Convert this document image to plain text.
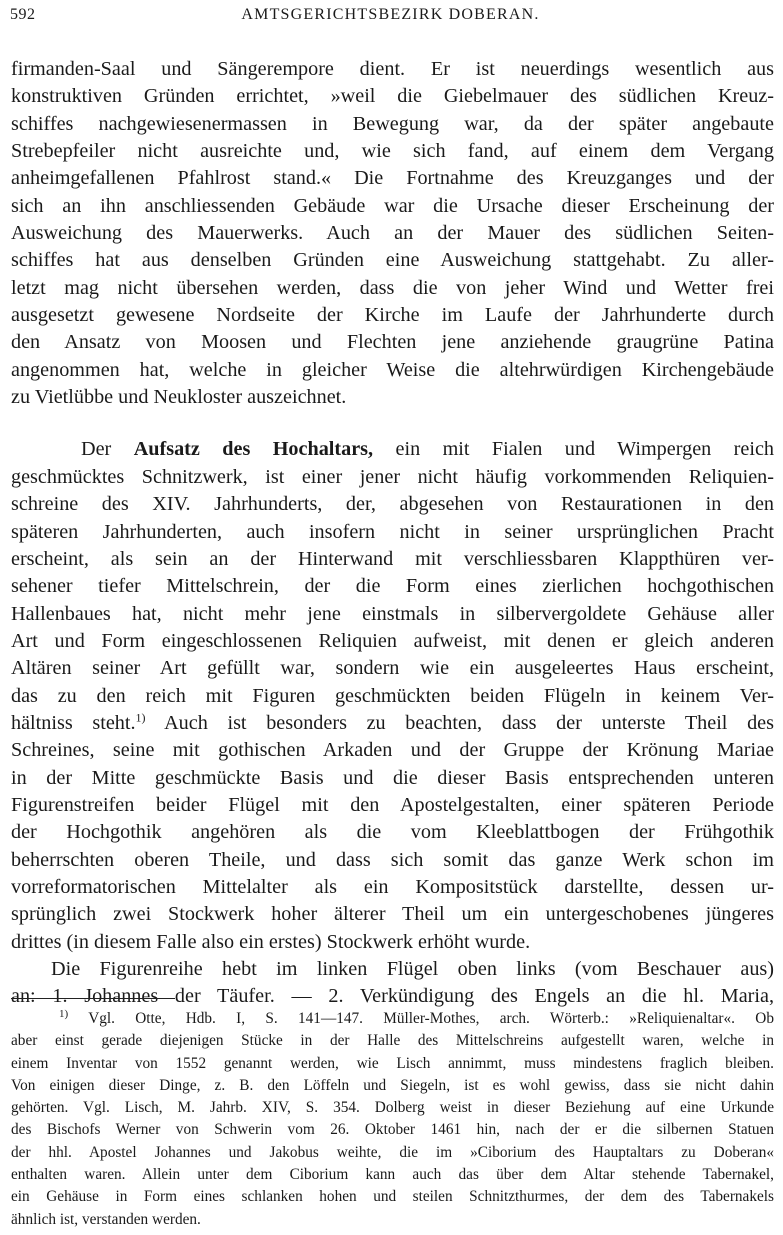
592	AMTSGERICHTSBEZIRK DOBERAN.
firmanden-Saal und Sängerempore dient. Er ist neuerdings wesentlich aus
konstruktiven Gründen errichtet, »weil die Giebelmauer des südlichen Kreuz-
schiffes nachgewiesenermassen in Bewegung war, da der später angebaute
Strebepfeiler nicht ausreichte und, wie sich fand, auf einem dem Vergang
anheimgefallenen Pfahlrost stand.« Die Fortnahme des Kreuzganges und der
sich an ihn anschliessenden Gebäude war die Ursache dieser Erscheinung der
Ausweichung des Mauerwerks. Auch an der Mauer des südlichen Seiten-
schiffes hat aus denselben Gründen eine Ausweichung stattgehabt. Zu aller-
letzt mag nicht übersehen werden, dass die von jeher Wind und Wetter frei
ausgesetzt gewesene Nordseite der Kirche im Laufe der Jahrhunderte durch
den Ansatz von Moosen und Flechten jene anziehende graugrüne Patina
angenommen hat, welche in gleicher Weise die altehrwürdigen Kirchengebäude
zu Vietlübbe und Neukloster auszeichnet.
Der Aufsatz des Hochaltars, ein mit Fialen und Wimpergen reich
geschmücktes Schnitzwerk, ist einer jener nicht häufig vorkommenden Reliquien-
schreine des XIV. Jahrhunderts, der, abgesehen von Restaurationen in den
späteren Jahrhunderten, auch insofern nicht in seiner ursprünglichen Pracht
erscheint, als sein an der Hinterwand mit verschliessbaren Klappthüren ver-
sehener tiefer Mittelschrein, der die Form eines zierlichen hochgothischen
Hallenbaues hat, nicht mehr jene einstmals in silbervergoldete Gehäuse aller
Art und Form eingeschlossenen Reliquien aufweist, mit denen er gleich anderen
Altären seiner Art gefüllt war, sondern wie ein ausgeleertes Haus erscheint,
das zu den reich mit Figuren geschmückten beiden Flügeln in keinem Ver-
hältniss steht.$^{1)}$ Auch ist besonders zu beachten, dass der unterste Theil des
Schreines, seine mit gothischen Arkaden und der Gruppe der Krönung Mariae
in der Mitte geschmückte Basis und die dieser Basis entsprechenden unteren
Figurenstreifen beider Flügel mit den Apostelgestalten, einer späteren Periode
der Hochgothik angehören als die vom Kleeblattbogen der Frühgothik
beherrschten oberen Theile, und dass sich somit das ganze Werk schon im
vorreformatorischen Mittelalter als ein Kompositstück darstellte, dessen ur-
sprünglich zwei Stockwerk hoher älterer Theil um ein untergeschobenes jüngeres
drittes (in diesem Falle also ein erstes) Stockwerk erhöht wurde.
Die Figurenreihe hebt im linken Flügel oben links (vom Beschauer aus)
an: 1. Johannes der Täufer. — 2. Verkündigung des Engels an die hl. Maria,
$^{1)}$ Vgl. Otte, Hdb. I, S. 141—147. Müller-Mothes, arch. Wörterb.: »Reliquienaltar«. Ob
aber einst gerade diejenigen Stücke in der Halle des Mittelschreins aufgestellt waren, welche in
einem Inventar von 1552 genannt werden, wie Lisch annimmt, muss mindestens fraglich bleiben.
Von einigen dieser Dinge, z. B. den Löffeln und Siegeln, ist es wohl gewiss, dass sie nicht dahin
gehörten. Vgl. Lisch, M. Jahrb. XIV, S. 354. Dolberg weist in dieser Beziehung auf eine Urkunde
des Bischofs Werner von Schwerin vom 26. Oktober 1461 hin, nach der er die silbernen Statuen
der hhl. Apostel Johannes und Jakobus weihte, die im »Ciborium des Hauptaltars zu Doberan«
enthalten waren. Allein unter dem Ciborium kann auch das über dem Altar stehende Tabernakel,
ein Gehäuse in Form eines schlanken hohen und steilen Schnitzthurmes, der dem des Tabernakels
ähnlich ist, verstanden werden.
